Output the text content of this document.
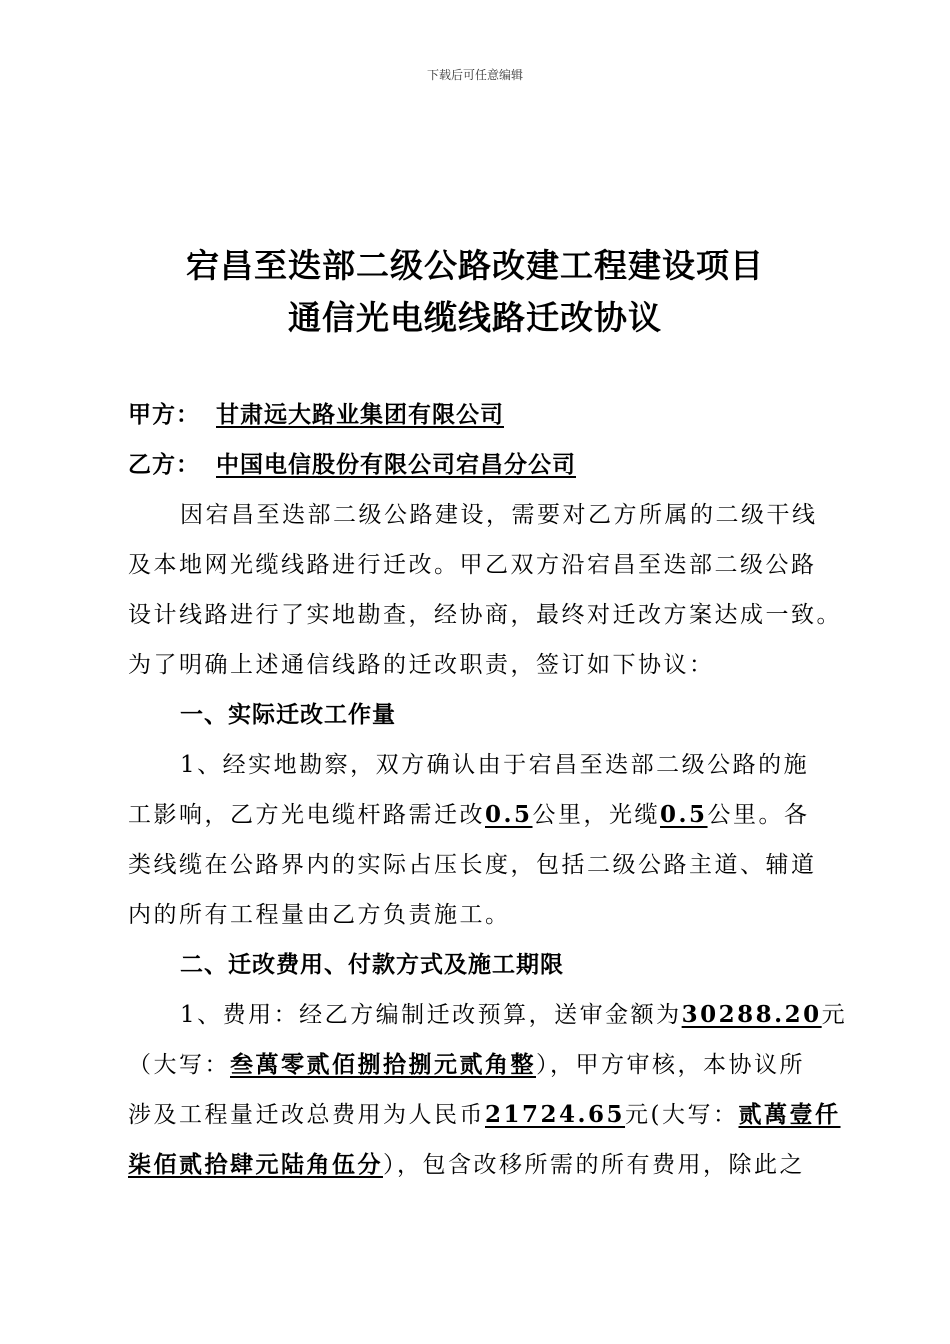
下载后可任意编辑
宕昌至迭部二级公路改建工程建设项目
通信光电缆线路迁改协议
甲方： 甘肃远大路业集团有限公司
乙方： 中国电信股份有限公司宕昌分公司
因宕昌至迭部二级公路建设，需要对乙方所属的二级干线
及本地网光缆线路进行迁改。甲乙双方沿宕昌至迭部二级公路
设计线路进行了实地勘查，经协商，最终对迁改方案达成一致。
为了明确上述通信线路的迁改职责，签订如下协议：
一、实际迁改工作量
1、经实地勘察，双方确认由于宕昌至迭部二级公路的施
工影响，乙方光电缆杆路需迁改0.5公里，光缆0.5公里。各
类线缆在公路界内的实际占压长度，包括二级公路主道、辅道
内的所有工程量由乙方负责施工。
二、迁改费用、付款方式及施工期限
1、费用：经乙方编制迁改预算，送审金额为30288.20元
（大写：叁萬零贰佰捌拾捌元贰角整），甲方审核，本协议所
涉及工程量迁改总费用为人民币21724.65元(大写：贰萬壹仟
柒佰贰拾肆元陆角伍分），包含改移所需的所有费用，除此之
